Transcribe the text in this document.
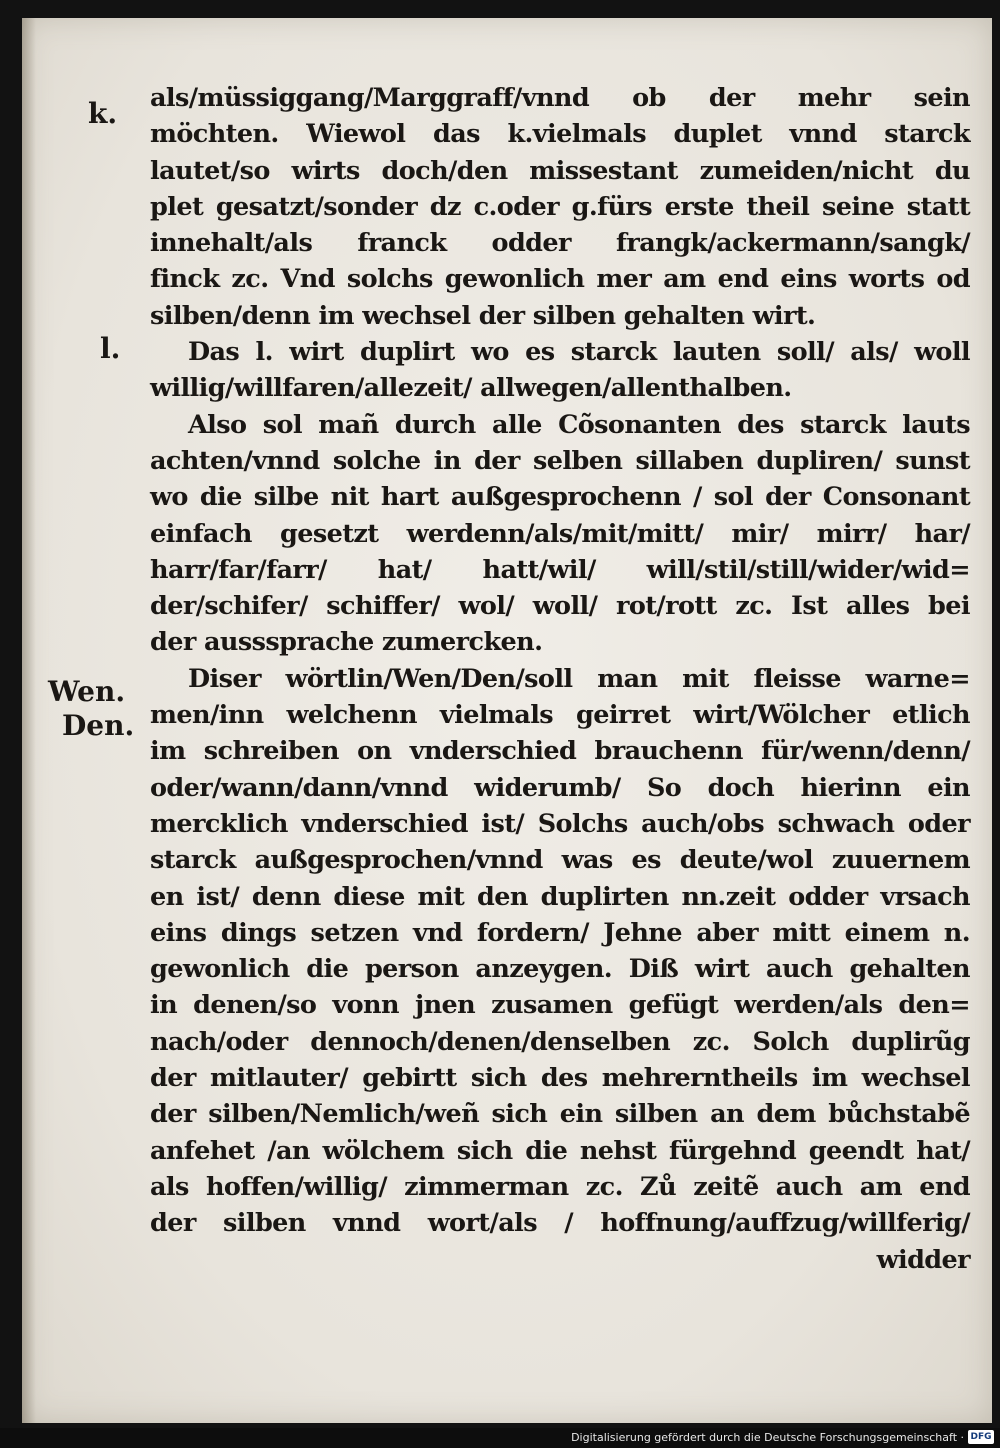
k.
l.
Wen.
Den.
als/müssiggang/Marggraff/vnnd ob der mehr sein
möchten. Wiewol das k.vielmals duplet vnnd starck
lautet/so wirts doch/den missestant zumeiden/nicht du
plet gesatzt/sonder dz c.oder g.fürs erste theil seine statt
innehalt/als franck odder frangk/ackermann/sangk/
finck zc. Vnd solchs gewonlich mer am end eins worts od
silben/denn im wechsel der silben gehalten wirt.
Das l. wirt duplirt wo es starck lauten soll/ als/ woll
willig/willfaren/allezeit/ allwegen/allenthalben.
Also sol mañ durch alle Cõsonanten des starck lauts
achten/vnnd solche in der selben sillaben dupliren/ sunst
wo die silbe nit hart außgesprochenn / sol der Consonant
einfach gesetzt werdenn/als/mit/mitt/ mir/ mirr/ har/
harr/far/farr/ hat/ hatt/wil/ will/stil/still/wider/wid=
der/schifer/ schiffer/ wol/ woll/ rot/rott zc. Ist alles bei
der ausssprache zumercken.
Diser wörtlin/Wen/Den/soll man mit fleisse warne=
men/inn welchenn vielmals geirret wirt/Wölcher etlich
im schreiben on vnderschied brauchenn für/wenn/denn/
oder/wann/dann/vnnd widerumb/ So doch hierinn ein
mercklich vnderschied ist/ Solchs auch/obs schwach oder
starck außgesprochen/vnnd was es deute/wol zuuernem
en ist/ denn diese mit den duplirten nn.zeit odder vrsach
eins dings setzen vnd fordern/ Jehne aber mitt einem n.
gewonlich die person anzeygen. Diß wirt auch gehalten
in denen/so vonn jnen zusamen gefügt werden/als den=
nach/oder dennoch/denen/denselben zc. Solch duplirũg
der mitlauter/ gebirtt sich des mehrerntheils im wechsel
der silben/Nemlich/weñ sich ein silben an dem bůchstabẽ
anfehet /an wölchem sich die nehst fürgehnd geendt hat/
als hoffen/willig/ zimmerman zc. Zů zeitẽ auch am end
der silben vnnd wort/als / hoffnung/auffzug/willferig/
widder
Digitalisierung gefördert durch die Deutsche Forschungsgemeinschaft · DFG
